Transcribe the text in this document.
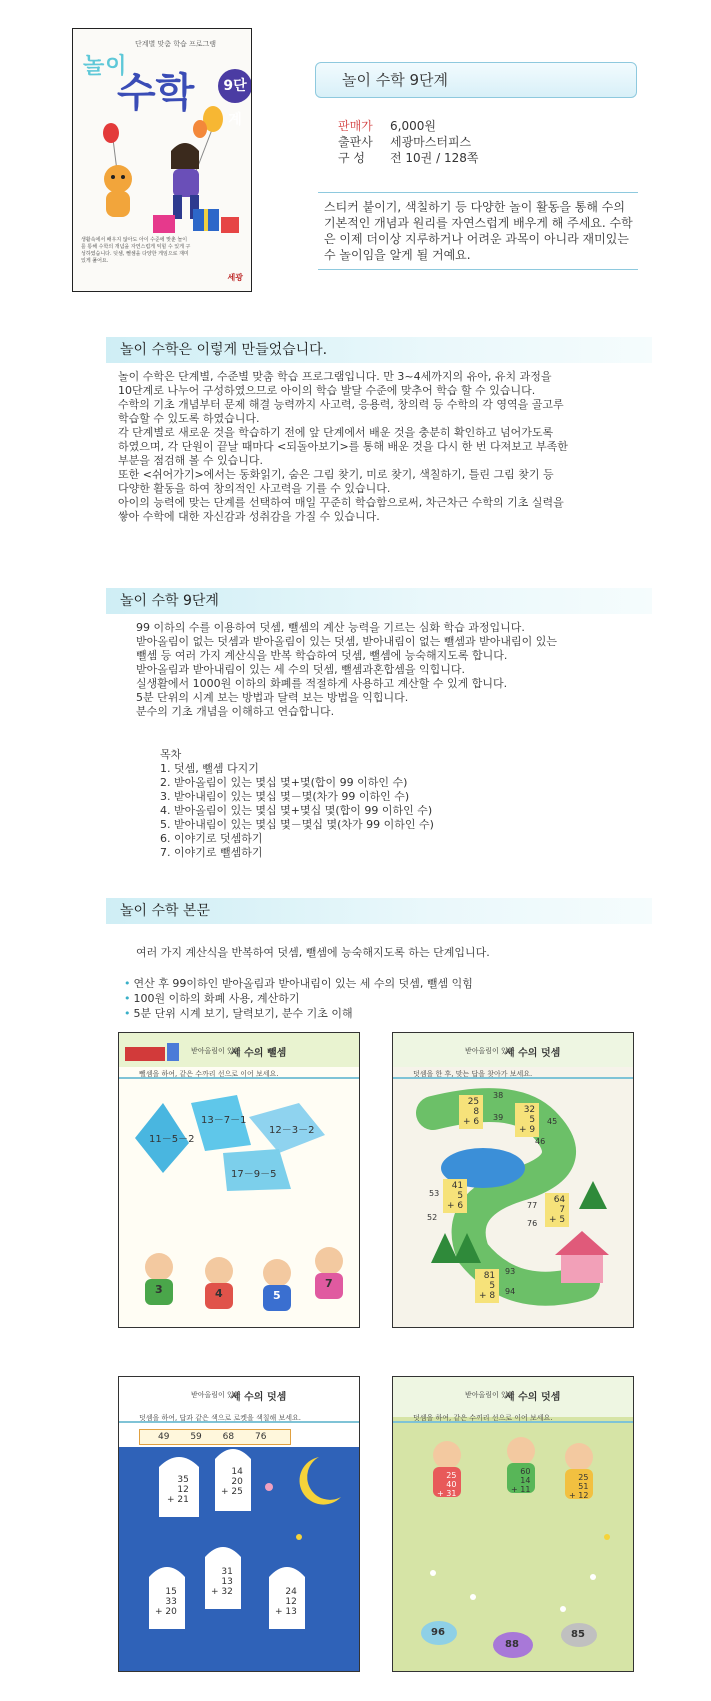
단계별 맞춤 학습 프로그램
놀이
수학	9단계
생활속에서 배우지 않아도 아이 수준에 맞춘 놀이를 통해 수학의 개념을 자연스럽게 익힐 수 있게 구성하였습니다. 덧셈, 뺄셈을 다양한 게임으로 재미있게 풀어요.
세광
놀이 수학 9단계
판매가 6,000원
출판사 세광마스터피스
구 성 전 10권 / 128쪽
스티커 붙이기, 색칠하기 등 다양한 놀이 활동을 통해 수의 기본적인 개념과 원리를 자연스럽게 배우게 해 주세요. 수학은 이제 더이상 지루하거나 어려운 과목이 아니라 재미있는 수 놀이임을 알게 될 거예요.
놀이 수학은 이렇게 만들었습니다.
놀이 수학은 단계별, 수준별 맞춤 학습 프로그램입니다. 만 3~4세까지의 유아, 유치 과정을
10단계로 나누어 구성하였으므로 아이의 학습 발달 수준에 맞추어 학습 할 수 있습니다.
수학의 기초 개념부터 문제 해결 능력까지 사고력, 응용력, 창의력 등 수학의 각 영역을 골고루
학습할 수 있도록 하였습니다.
각 단계별로 새로운 것을 학습하기 전에 앞 단계에서 배운 것을 충분히 확인하고 넘어가도록
하였으며, 각 단원이 끝날 때마다 <되돌아보기>를 통해 배운 것을 다시 한 번 다져보고 부족한
부분을 점검해 볼 수 있습니다.
또한 <쉬어가기>에서는 동화읽기, 숨은 그림 찾기, 미로 찾기, 색칠하기, 틀린 그림 찾기 등
다양한 활동을 하여 창의적인 사고력을 기를 수 있습니다.
아이의 능력에 맞는 단계를 선택하여 매일 꾸준히 학습함으로써, 차근차근 수학의 기초 실력을
쌓아 수학에 대한 자신감과 성취감을 가질 수 있습니다.
놀이 수학 9단계
99 이하의 수를 이용하여 덧셈, 뺄셈의 계산 능력을 기르는 심화 학습 과정입니다.
받아올림이 없는 덧셈과 받아올림이 있는 덧셈, 받아내림이 없는 뺄셈과 받아내림이 있는
뺄셈 등 여러 가지 계산식을 반복 학습하여 덧셈, 뺄셈에 능숙해지도록 합니다.
받아올림과 받아내림이 있는 세 수의 덧셈, 뺄셈과혼합셈을 익힙니다.
실생활에서 1000원 이하의 화폐를 적절하게 사용하고 계산할 수 있게 합니다.
5분 단위의 시계 보는 방법과 달력 보는 방법을 익힙니다.
분수의 기초 개념을 이해하고 연습합니다.
목차
1. 덧셈, 뺄셈 다지기
2. 받아올림이 있는 몇십 몇+몇(합이 99 이하인 수)
3. 받아내림이 있는 몇십 몇－몇(차가 99 이하인 수)
4. 받아올림이 있는 몇십 몇+몇십 몇(합이 99 이하인 수)
5. 받아내림이 있는 몇십 몇－몇십 몇(차가 99 이하인 수)
6. 이야기로 덧셈하기
7. 이야기로 뺄셈하기
놀이 수학 본문
여러 가지 계산식을 반복하여 덧셈, 뺄셈에 능숙해지도록 하는 단계입니다.
• 연산 후 99이하인 받아올림과 받아내림이 있는 세 수의 덧셈, 뺄셈 익힘
• 100원 이하의 화폐 사용, 계산하기
• 5분 단위 시계 보기, 달력보기, 분수 기초 이해
받아올림이 있는
세 수의 뺄셈
뺄셈을 하여, 같은 수까리 선으로 이어 보세요.
11－5－2
13－7－1
12－3－2
17－9－5
3	4	5
7
받아올림이 있는
세 수의 덧셈
덧셈을 한 후, 맞는 답을 찾아가 보세요.
25
8
+ 6
32
5
+ 9
41
5
+ 6
64
7
+ 5
81
5
+ 8
38
39	45
46
53
52
77
76
93
94
받아올림이 있는
세 수의 덧셈
덧셈을 하여, 답과 같은 색으로 로켓을 색칠해 보세요.
49 59 68 76
35
12
+ 21
14
20
+ 25
31
13
+ 32
15
33
+ 20
24
12
+ 13
받아올림이 있는
세 수의 덧셈
덧셈을 하여, 같은 수끼리 선으로 이어 보세요.
25
40
+ 31
60
14
+ 11
25
51
+ 12
96
88
85
